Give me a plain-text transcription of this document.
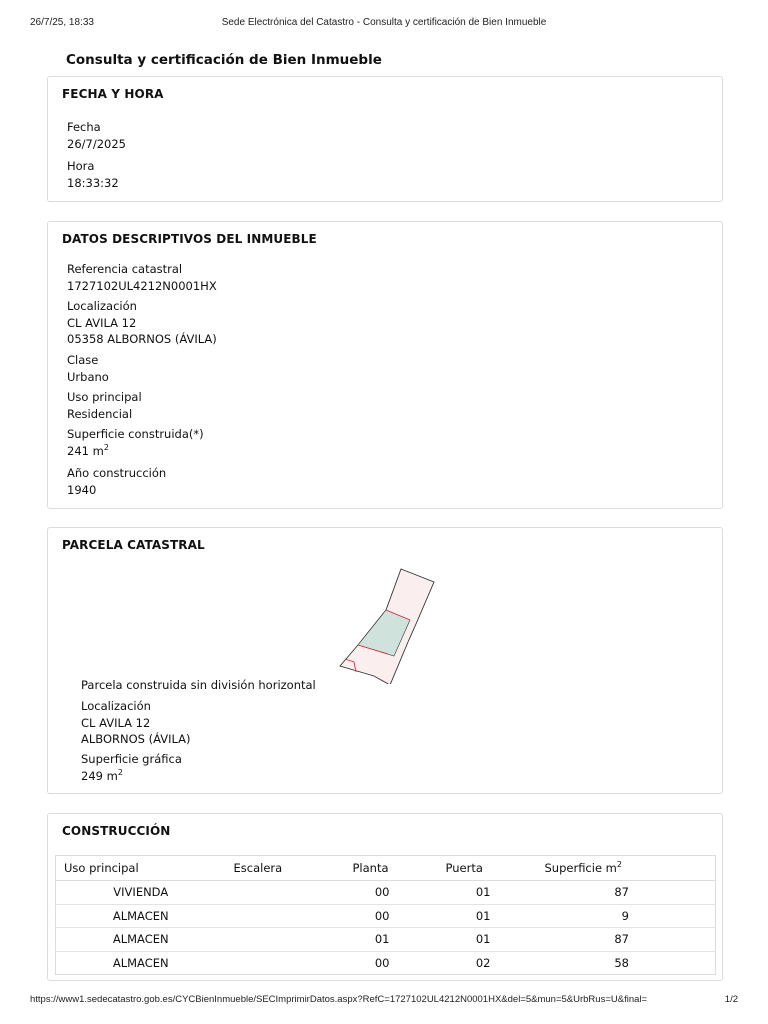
26/7/25, 18:33	Sede Electrónica del Catastro - Consulta y certificación de Bien Inmueble
Consulta y certificación de Bien Inmueble
FECHA Y HORA
Fecha
26/7/2025
Hora
18:33:32
DATOS DESCRIPTIVOS DEL INMUEBLE
Referencia catastral
1727102UL4212N0001HX
Localización
CL AVILA 12
05358 ALBORNOS (ÁVILA)
Clase
Urbano
Uso principal
Residencial
Superficie construida(*)
241 $m^2$
Año construcción
1940
PARCELA CATASTRAL
Parcela construida sin división horizontal
Localización
CL AVILA 12
ALBORNOS (ÁVILA)
Superficie gráfica
249 $m^2$
CONSTRUCCIÓN
Uso principal	Escalera	Planta	Puerta	Superficie $m^2$
VIVIENDA		00	01	87
ALMACEN		00	01	9
ALMACEN		01	01	87
ALMACEN		00	02	58
https://www1.sedecatastro.gob.es/CYCBienInmueble/SECImprimirDatos.aspx?RefC=1727102UL4212N0001HX&del=5&mun=5&UrbRus=U&final=	1/2
